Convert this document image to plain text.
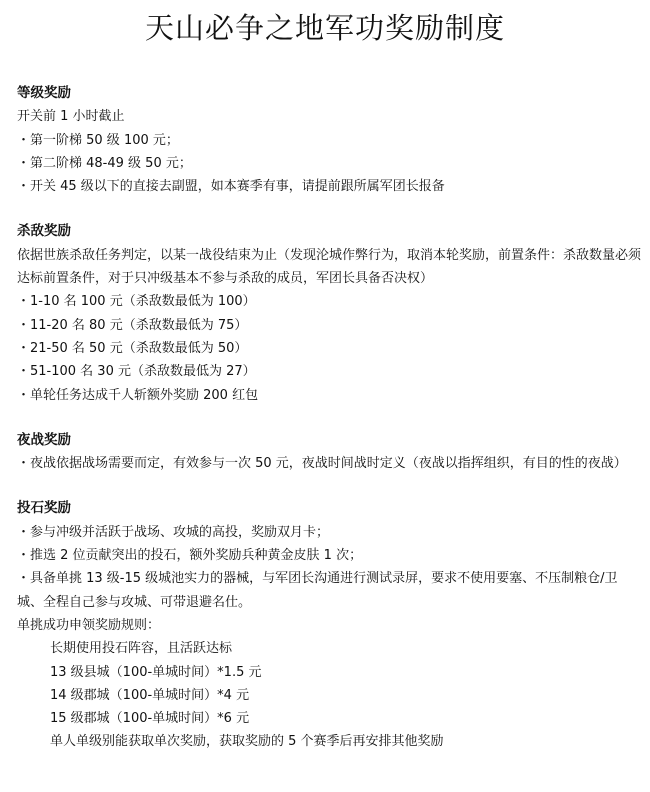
天山必争之地军功奖励制度
等级奖励
开关前 1 小时截止
・第一阶梯 50 级 100 元；
・第二阶梯 48-49 级 50 元；
・开关 45 级以下的直接去副盟，如本赛季有事，请提前跟所属军团长报备
杀敌奖励
依据世族杀敌任务判定，以某一战役结束为止（发现沦城作弊行为，取消本轮奖励，前置条件：杀敌数量必须达标前置条件，对于只冲级基本不参与杀敌的成员，军团长具备否决权）
・1-10 名 100 元（杀敌数最低为 100）
・11-20 名 80 元（杀敌数最低为 75）
・21-50 名 50 元（杀敌数最低为 50）
・51-100 名 30 元（杀敌数最低为 27）
・单轮任务达成千人斩额外奖励 200 红包
夜战奖励
・夜战依据战场需要而定，有效参与一次 50 元，夜战时间战时定义（夜战以指挥组织，有目的性的夜战）
投石奖励
・参与冲级并活跃于战场、攻城的高投，奖励双月卡；
・推选 2 位贡献突出的投石，额外奖励兵种黄金皮肤 1 次；
・具备单挑 13 级-15 级城池实力的器械，与军团长沟通进行测试录屏，要求不使用要塞、不压制粮仓/卫城、全程自己参与攻城、可带退避名仕。
单挑成功申领奖励规则：
长期使用投石阵容，且活跃达标
13 级县城（100-单城时间）*1.5 元
14 级郡城（100-单城时间）*4 元
15 级郡城（100-单城时间）*6 元
单人单级别能获取单次奖励，获取奖励的 5 个赛季后再安排其他奖励
